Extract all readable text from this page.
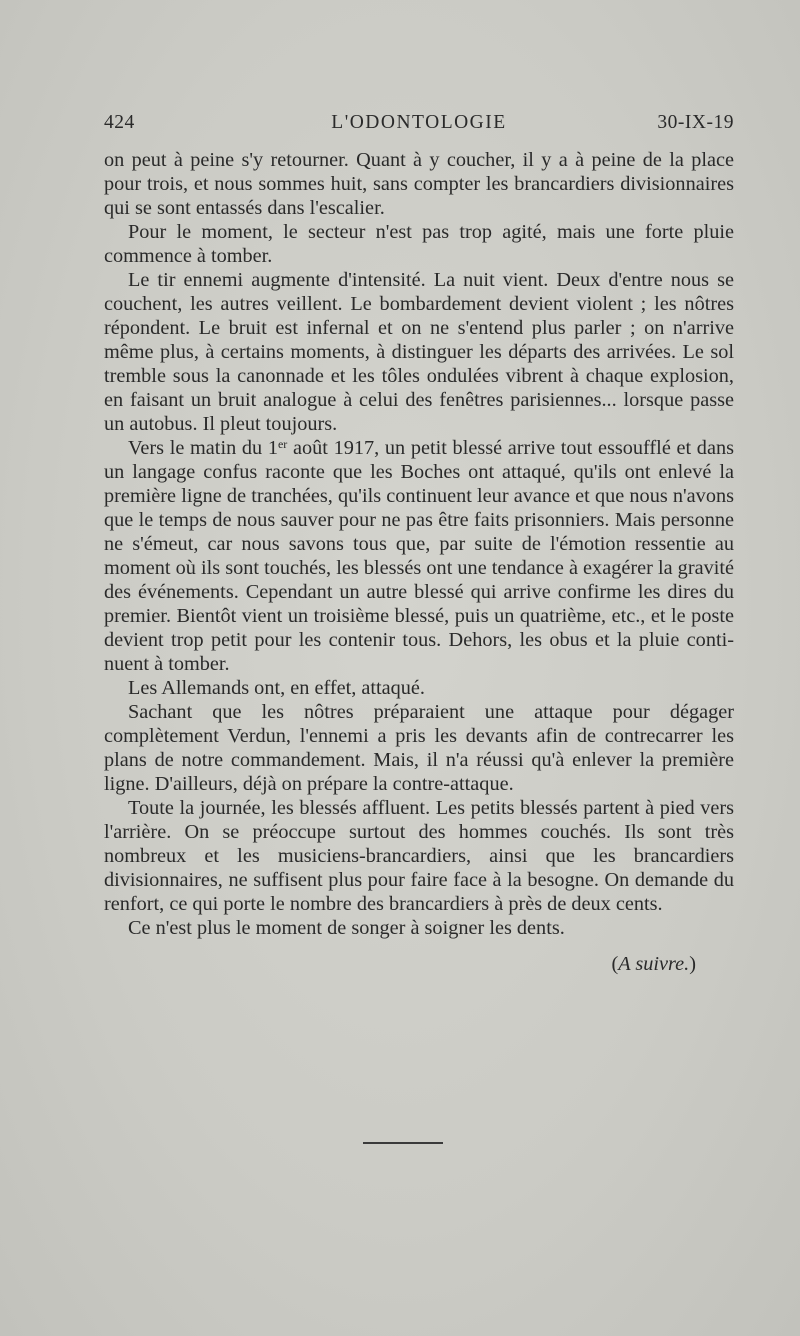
424	L'ODONTOLOGIE	30-IX-19

on peut à peine s'y retourner. Quant à y coucher, il y a à peine de la place pour trois, et nous sommes huit, sans compter les brancardiers divisionnaires qui se sont entassés dans l'escalier.

Pour le moment, le secteur n'est pas trop agité, mais une forte pluie commence à tomber.

Le tir ennemi augmente d'intensité. La nuit vient. Deux d'entre nous se couchent, les autres veillent. Le bombardement devient violent ; les nôtres répondent. Le bruit est infernal et on ne s'entend plus parler ; on n'arrive même plus, à certains moments, à distinguer les départs des arrivées. Le sol tremble sous la canonnade et les tôles ondulées vibrent à chaque explosion, en faisant un bruit analogue à celui des fenêtres parisiennes... lorsque passe un autobus. Il pleut toujours.

Vers le matin du 1er août 1917, un petit blessé arrive tout essoufflé et dans un langage confus raconte que les Boches ont attaqué, qu'ils ont enlevé la première ligne de tranchées, qu'ils continuent leur avance et que nous n'avons que le temps de nous sauver pour ne pas être faits prisonniers. Mais personne ne s'émeut, car nous savons tous que, par suite de l'émotion ressentie au moment où ils sont touchés, les blessés ont une tendance à exagérer la gravité des événements. Cependant un autre blessé qui arrive confirme les dires du premier. Bientôt vient un troisième blessé, puis un quatrième, etc., et le poste devient trop petit pour les contenir tous. Dehors, les obus et la pluie continuent à tomber.

Les Allemands ont, en effet, attaqué.

Sachant que les nôtres préparaient une attaque pour dégager complètement Verdun, l'ennemi a pris les devants afin de contrecarrer les plans de notre commandement. Mais, il n'a réussi qu'à enlever la première ligne. D'ailleurs, déjà on prépare la contre-attaque.

Toute la journée, les blessés affluent. Les petits blessés partent à pied vers l'arrière. On se préoccupe surtout des hommes couchés. Ils sont très nombreux et les musiciens-brancardiers, ainsi que les brancardiers divisionnaires, ne suffisent plus pour faire face à la besogne. On demande du renfort, ce qui porte le nombre des brancardiers à près de deux cents.

Ce n'est plus le moment de songer à soigner les dents.

(A suivre.)
